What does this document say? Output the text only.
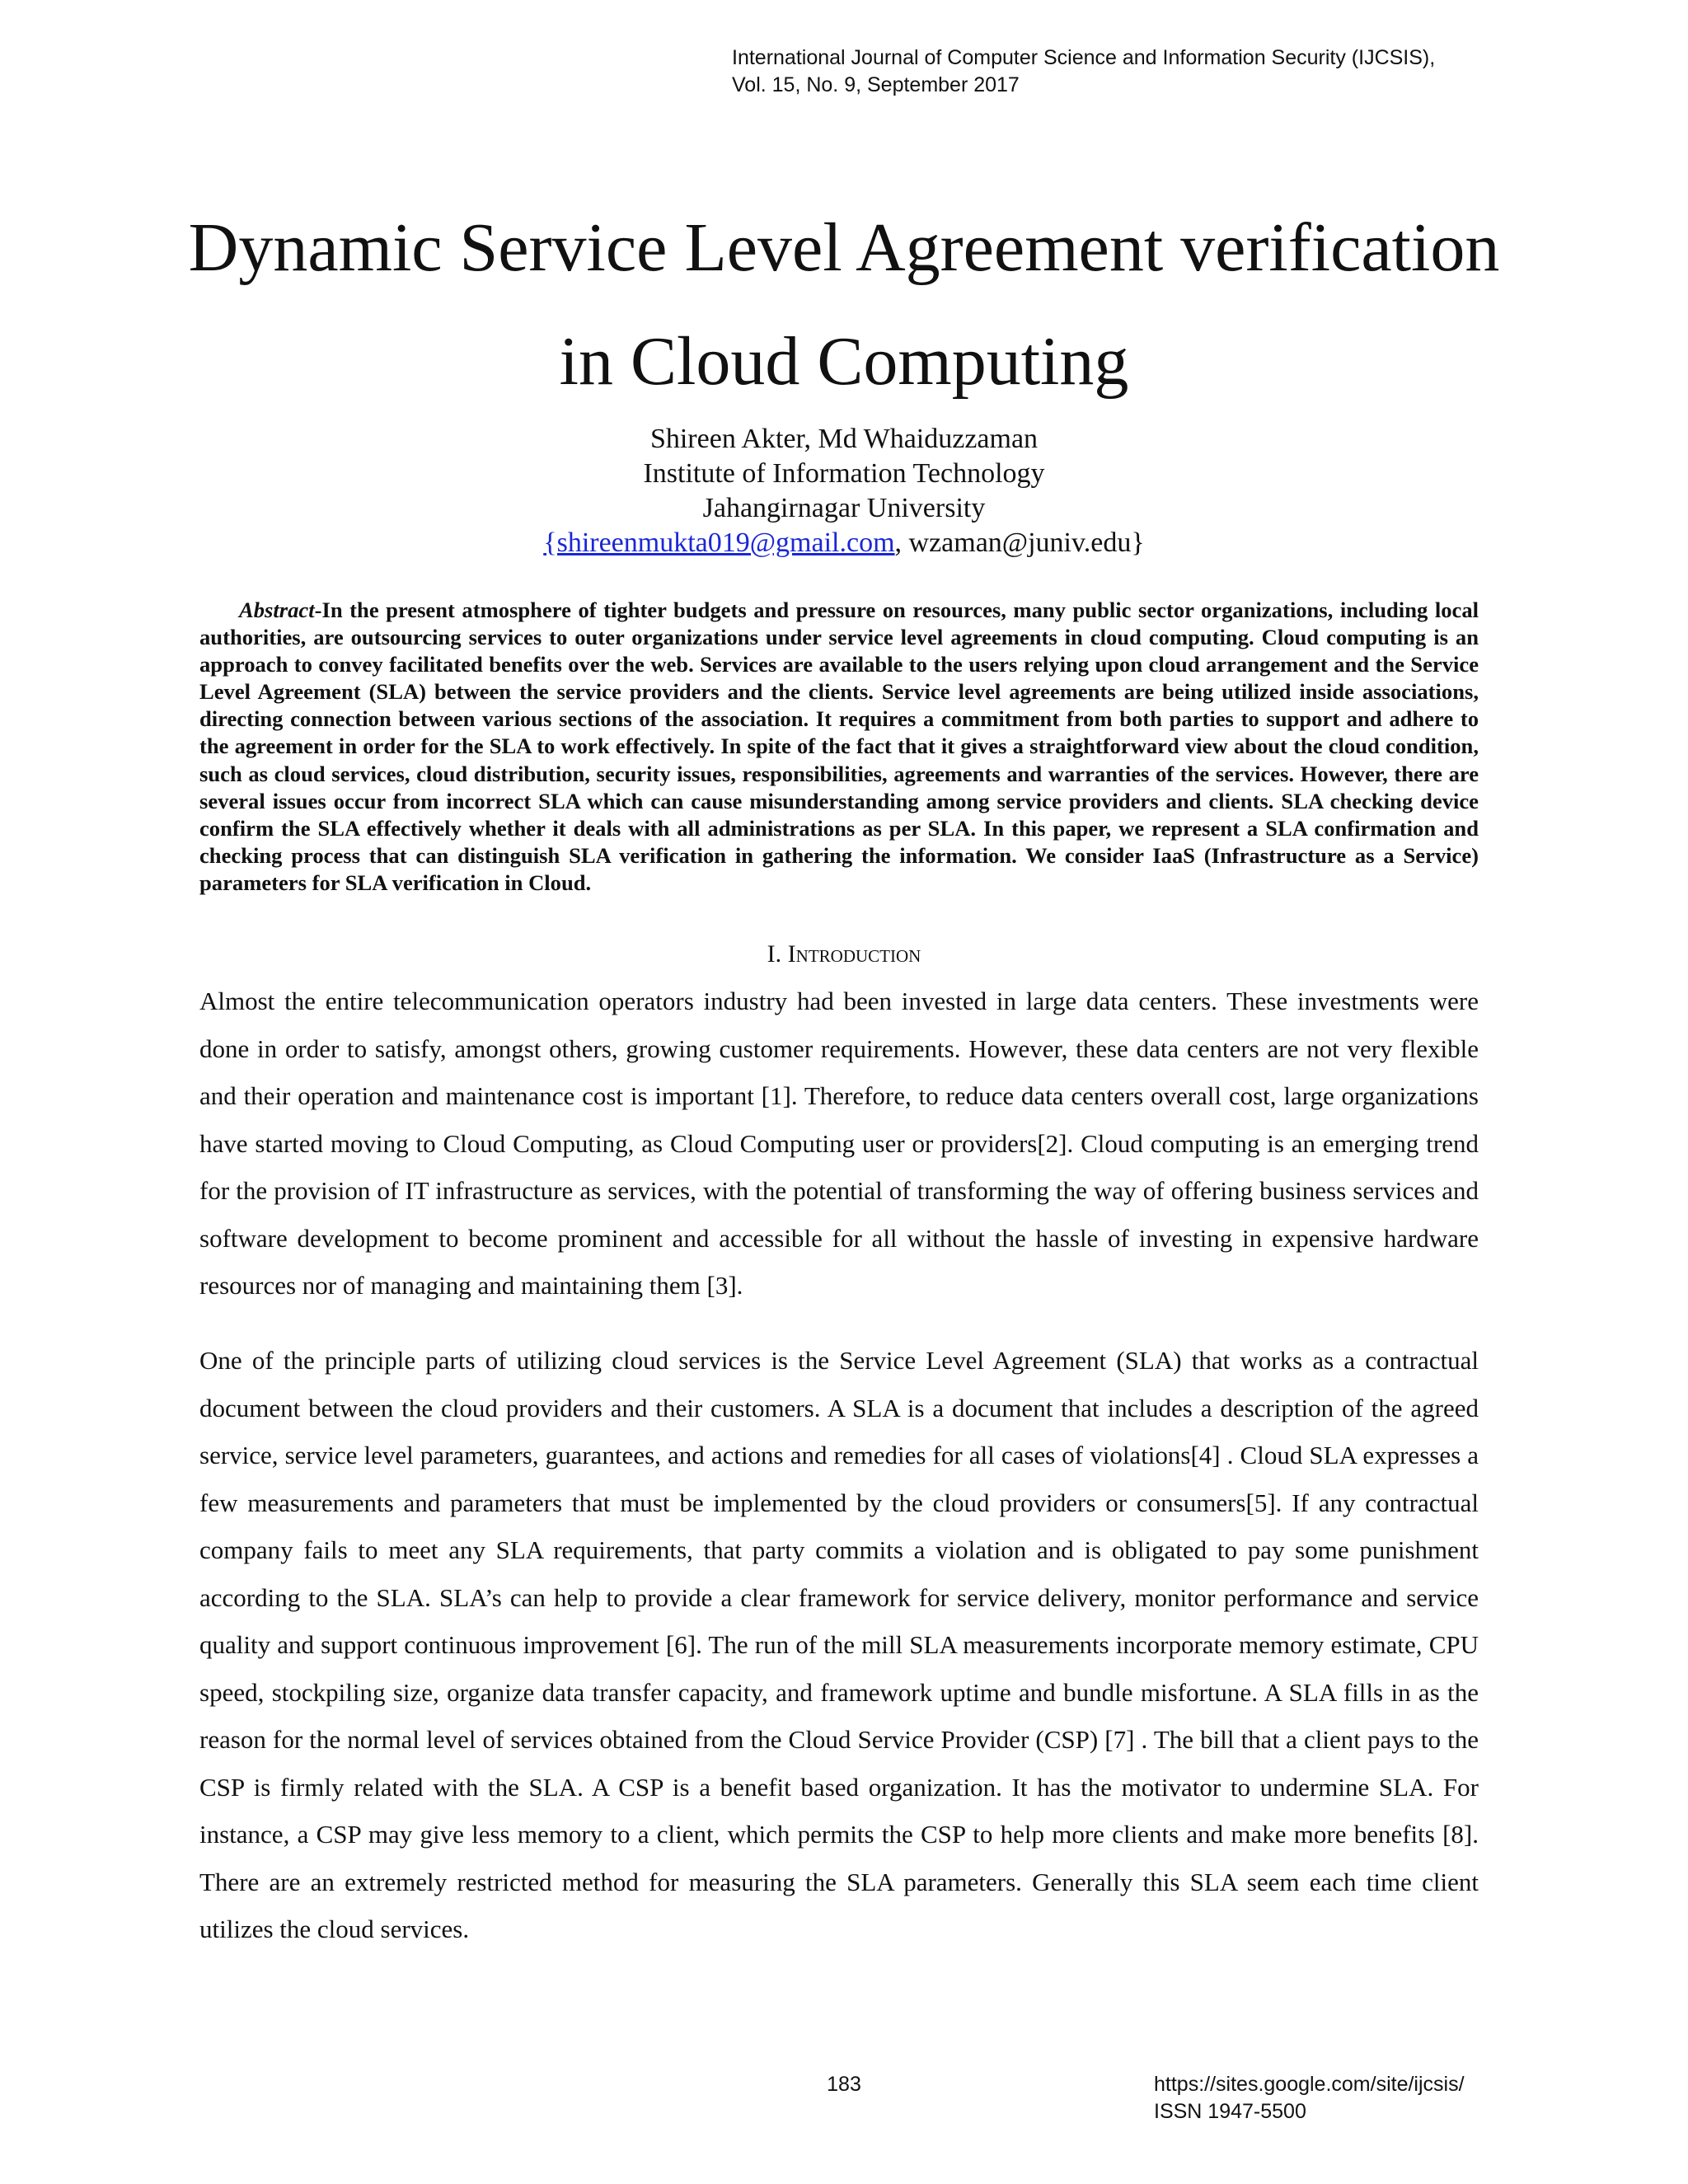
International Journal of Computer Science and Information Security (IJCSIS),
Vol. 15, No. 9, September 2017
Dynamic Service Level Agreement verification
in Cloud Computing
Shireen Akter, Md Whaiduzzaman
Institute of Information Technology
Jahangirnagar University
{shireenmukta019@gmail.com, wzaman@juniv.edu}

Abstract-In the present atmosphere of tighter budgets and pressure on resources, many public sector organizations, including local authorities, are outsourcing services to outer organizations under service level agreements in cloud computing. Cloud computing is an approach to convey facilitated benefits over the web. Services are available to the users relying upon cloud arrangement and the Service Level Agreement (SLA) between the service providers and the clients. Service level agreements are being utilized inside associations, directing connection between various sections of the association. It requires a commitment from both parties to support and adhere to the agreement in order for the SLA to work effectively. In spite of the fact that it gives a straightforward view about the cloud condition, such as cloud services, cloud distribution, security issues, responsibilities, agreements and warranties of the services. However, there are several issues occur from incorrect SLA which can cause misunderstanding among service providers and clients. SLA checking device confirm the SLA effectively whether it deals with all administrations as per SLA. In this paper, we represent a SLA confirmation and checking process that can distinguish SLA verification in gathering the information. We consider IaaS (Infrastructure as a Service) parameters for SLA verification in Cloud.

I. Introduction

Almost the entire telecommunication operators industry had been invested in large data centers. These investments were done in order to satisfy, amongst others, growing customer requirements. However, these data centers are not very flexible and their operation and maintenance cost is important [1]. Therefore, to reduce data centers overall cost, large organizations have started moving to Cloud Computing, as Cloud Computing user or providers[2]. Cloud computing is an emerging trend for the provision of IT infrastructure as services, with the potential of transforming the way of offering business services and software development to become prominent and accessible for all without the hassle of investing in expensive hardware resources nor of managing and maintaining them [3].

One of the principle parts of utilizing cloud services is the Service Level Agreement (SLA) that works as a contractual document between the cloud providers and their customers. A SLA is a document that includes a description of the agreed service, service level parameters, guarantees, and actions and remedies for all cases of violations[4] . Cloud SLA expresses a few measurements and parameters that must be implemented by the cloud providers or consumers[5]. If any contractual company fails to meet any SLA requirements, that party commits a violation and is obligated to pay some punishment according to the SLA. SLA’s can help to provide a clear framework for service delivery, monitor performance and service quality and support continuous improvement [6]. The run of the mill SLA measurements incorporate memory estimate, CPU speed, stockpiling size, organize data transfer capacity, and framework uptime and bundle misfortune. A SLA fills in as the reason for the normal level of services obtained from the Cloud Service Provider (CSP) [7] . The bill that a client pays to the CSP is firmly related with the SLA. A CSP is a benefit based organization. It has the motivator to undermine SLA. For instance, a CSP may give less memory to a client, which permits the CSP to help more clients and make more benefits [8]. There are an extremely restricted method for measuring the SLA parameters. Generally this SLA seem each time client utilizes the cloud services.

183	https://sites.google.com/site/ijcsis/
ISSN 1947-5500
